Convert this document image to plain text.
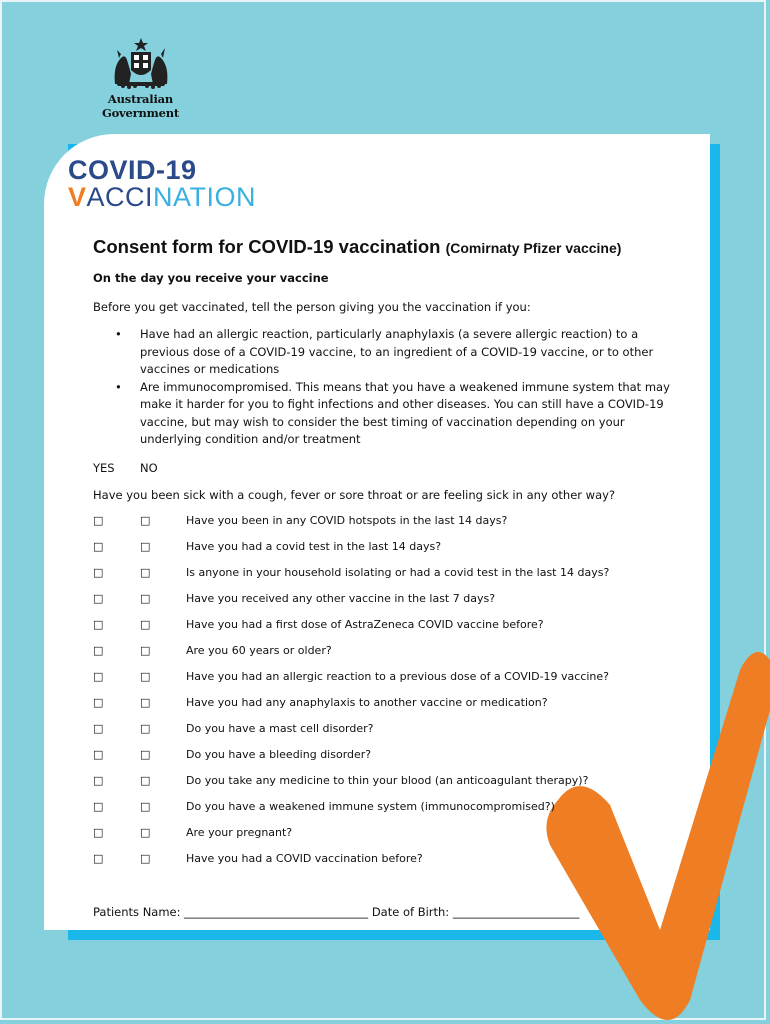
Australian Government
COVID-19
VACCINATION
Consent form for COVID-19 vaccination (Comirnaty Pfizer vaccine)
On the day you receive your vaccine
Before you get vaccinated, tell the person giving you the vaccination if you:
• Have had an allergic reaction, particularly anaphylaxis (a severe allergic reaction) to a previous dose of a COVID-19 vaccine, to an ingredient of a COVID-19 vaccine, or to other vaccines or medications
• Are immunocompromised. This means that you have a weakened immune system that may make it harder for you to fight infections and other diseases. You can still have a COVID-19 vaccine, but may wish to consider the best timing of vaccination depending on your underlying condition and/or treatment
YES NO
Have you been sick with a cough, fever or sore throat or are feeling sick in any other way?
□	□	Have you been in any COVID hotspots in the last 14 days?
□	□	Have you had a covid test in the last 14 days?
□	□	Is anyone in your household isolating or had a covid test in the last 14 days?
□	□	Have you received any other vaccine in the last 7 days?
□	□	Have you had a first dose of AstraZeneca COVID vaccine before?
□	□	Are you 60 years or older?
□	□	Have you had an allergic reaction to a previous dose of a COVID-19 vaccine?
□	□	Have you had any anaphylaxis to another vaccine or medication?
□	□	Do you have a mast cell disorder?
□	□	Do you have a bleeding disorder?
□	□	Do you take any medicine to thin your blood (an anticoagulant therapy)?
□	□	Do you have a weakened immune system (immunocompromised?)
□	□	Are your pregnant?
□	□	Have you had a COVID vaccination before?
Patients Name: ________________________________ Date of Birth: ______________________
